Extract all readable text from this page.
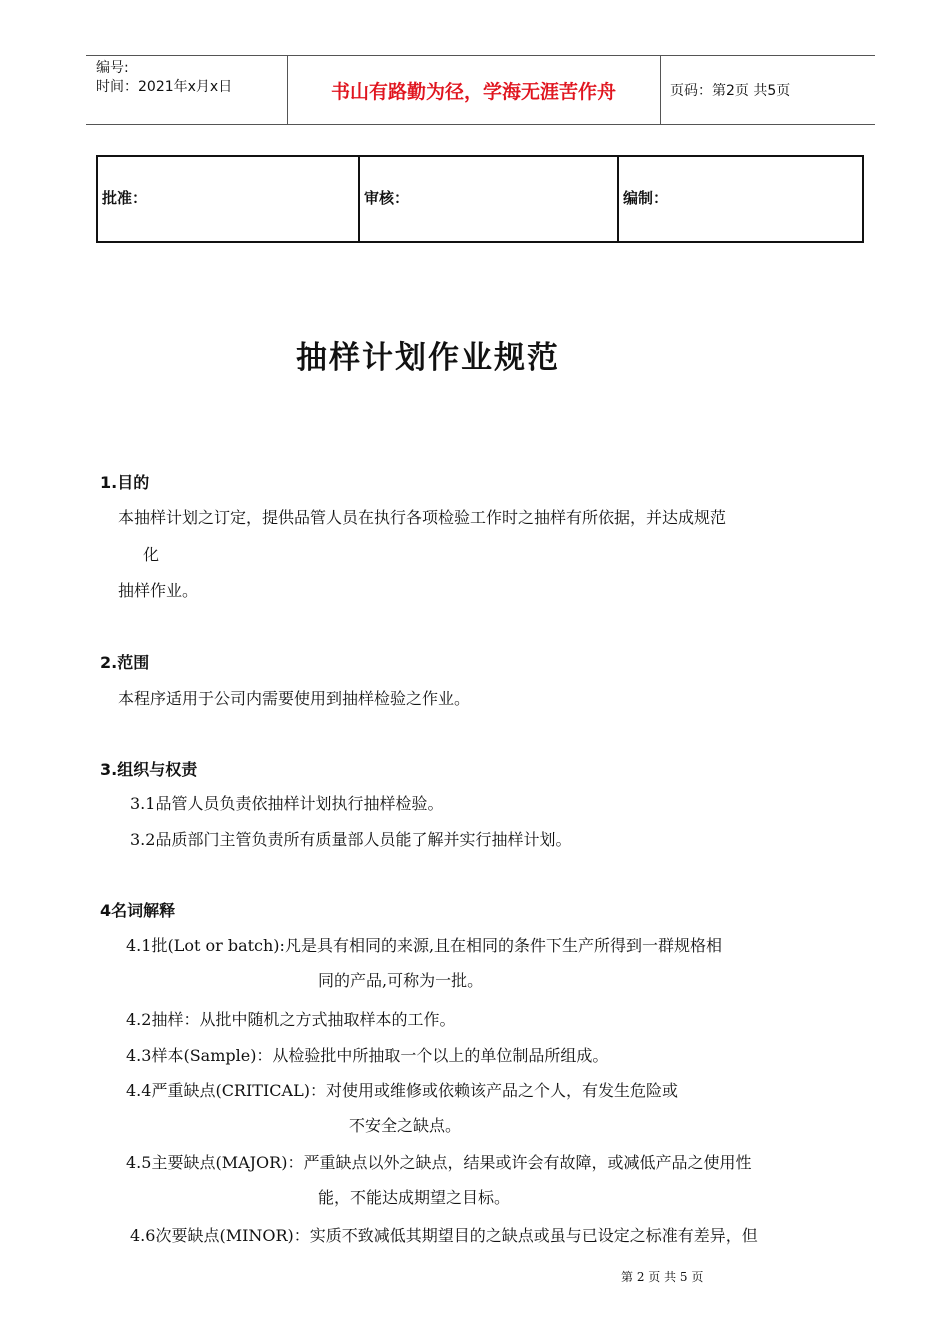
编号:
时间：2021年x月x日	书山有路勤为径，学海无涯苦作舟	页码：第2页 共5页
批准：	审核：	编制：
抽样计划作业规范
1.目的
本抽样计划之订定，提供品管人员在执行各项检验工作时之抽样有所依据，并达成规范
化
抽样作业。
2.范围
本程序适用于公司内需要使用到抽样检验之作业。
3.组织与权责
3.1品管人员负责依抽样计划执行抽样检验。
3.2品质部门主管负责所有质量部人员能了解并实行抽样计划。
4名词解释
4.1批(Lot or batch):凡是具有相同的来源,且在相同的条件下生产所得到一群规格相
同的产品,可称为一批。
4.2抽样：从批中随机之方式抽取样本的工作。
4.3样本(Sample)：从检验批中所抽取一个以上的单位制品所组成。
4.4严重缺点(CRITICAL)：对使用或维修或依赖该产品之个人，有发生危险或
不安全之缺点。
4.5主要缺点(MAJOR)：严重缺点以外之缺点，结果或许会有故障，或减低产品之使用性
能，不能达成期望之目标。
4.6次要缺点(MINOR)：实质不致减低其期望目的之缺点或虽与已设定之标准有差异，但
第 2 页 共 5 页
